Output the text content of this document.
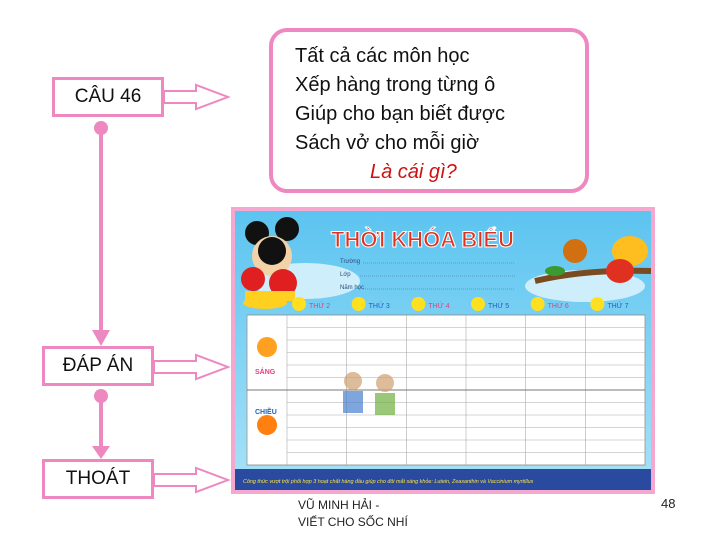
CÂU 46
ĐÁP ÁN
THOÁT
Tất cả các môn học
Xếp hàng trong từng ô
Giúp cho bạn biết được
Sách vở cho mỗi giờ
Là cái gì?
THỜI KHÓA BIỂU
Trường
Lớp
Năm học
THỨ 2	THỨ 3	THỨ 4	THỨ 5	THỨ 6	THỨ 7
SÁNG
CHIỀU
Công thức vượt trội phối hợp 3 hoạt chất hàng đầu giúp cho đôi mắt sáng khỏe: Lutein, Zeaxanthin và Vaccinium myrtillus
VŨ MINH HẢI -
VIẾT CHO SỐC NHÍ
48
